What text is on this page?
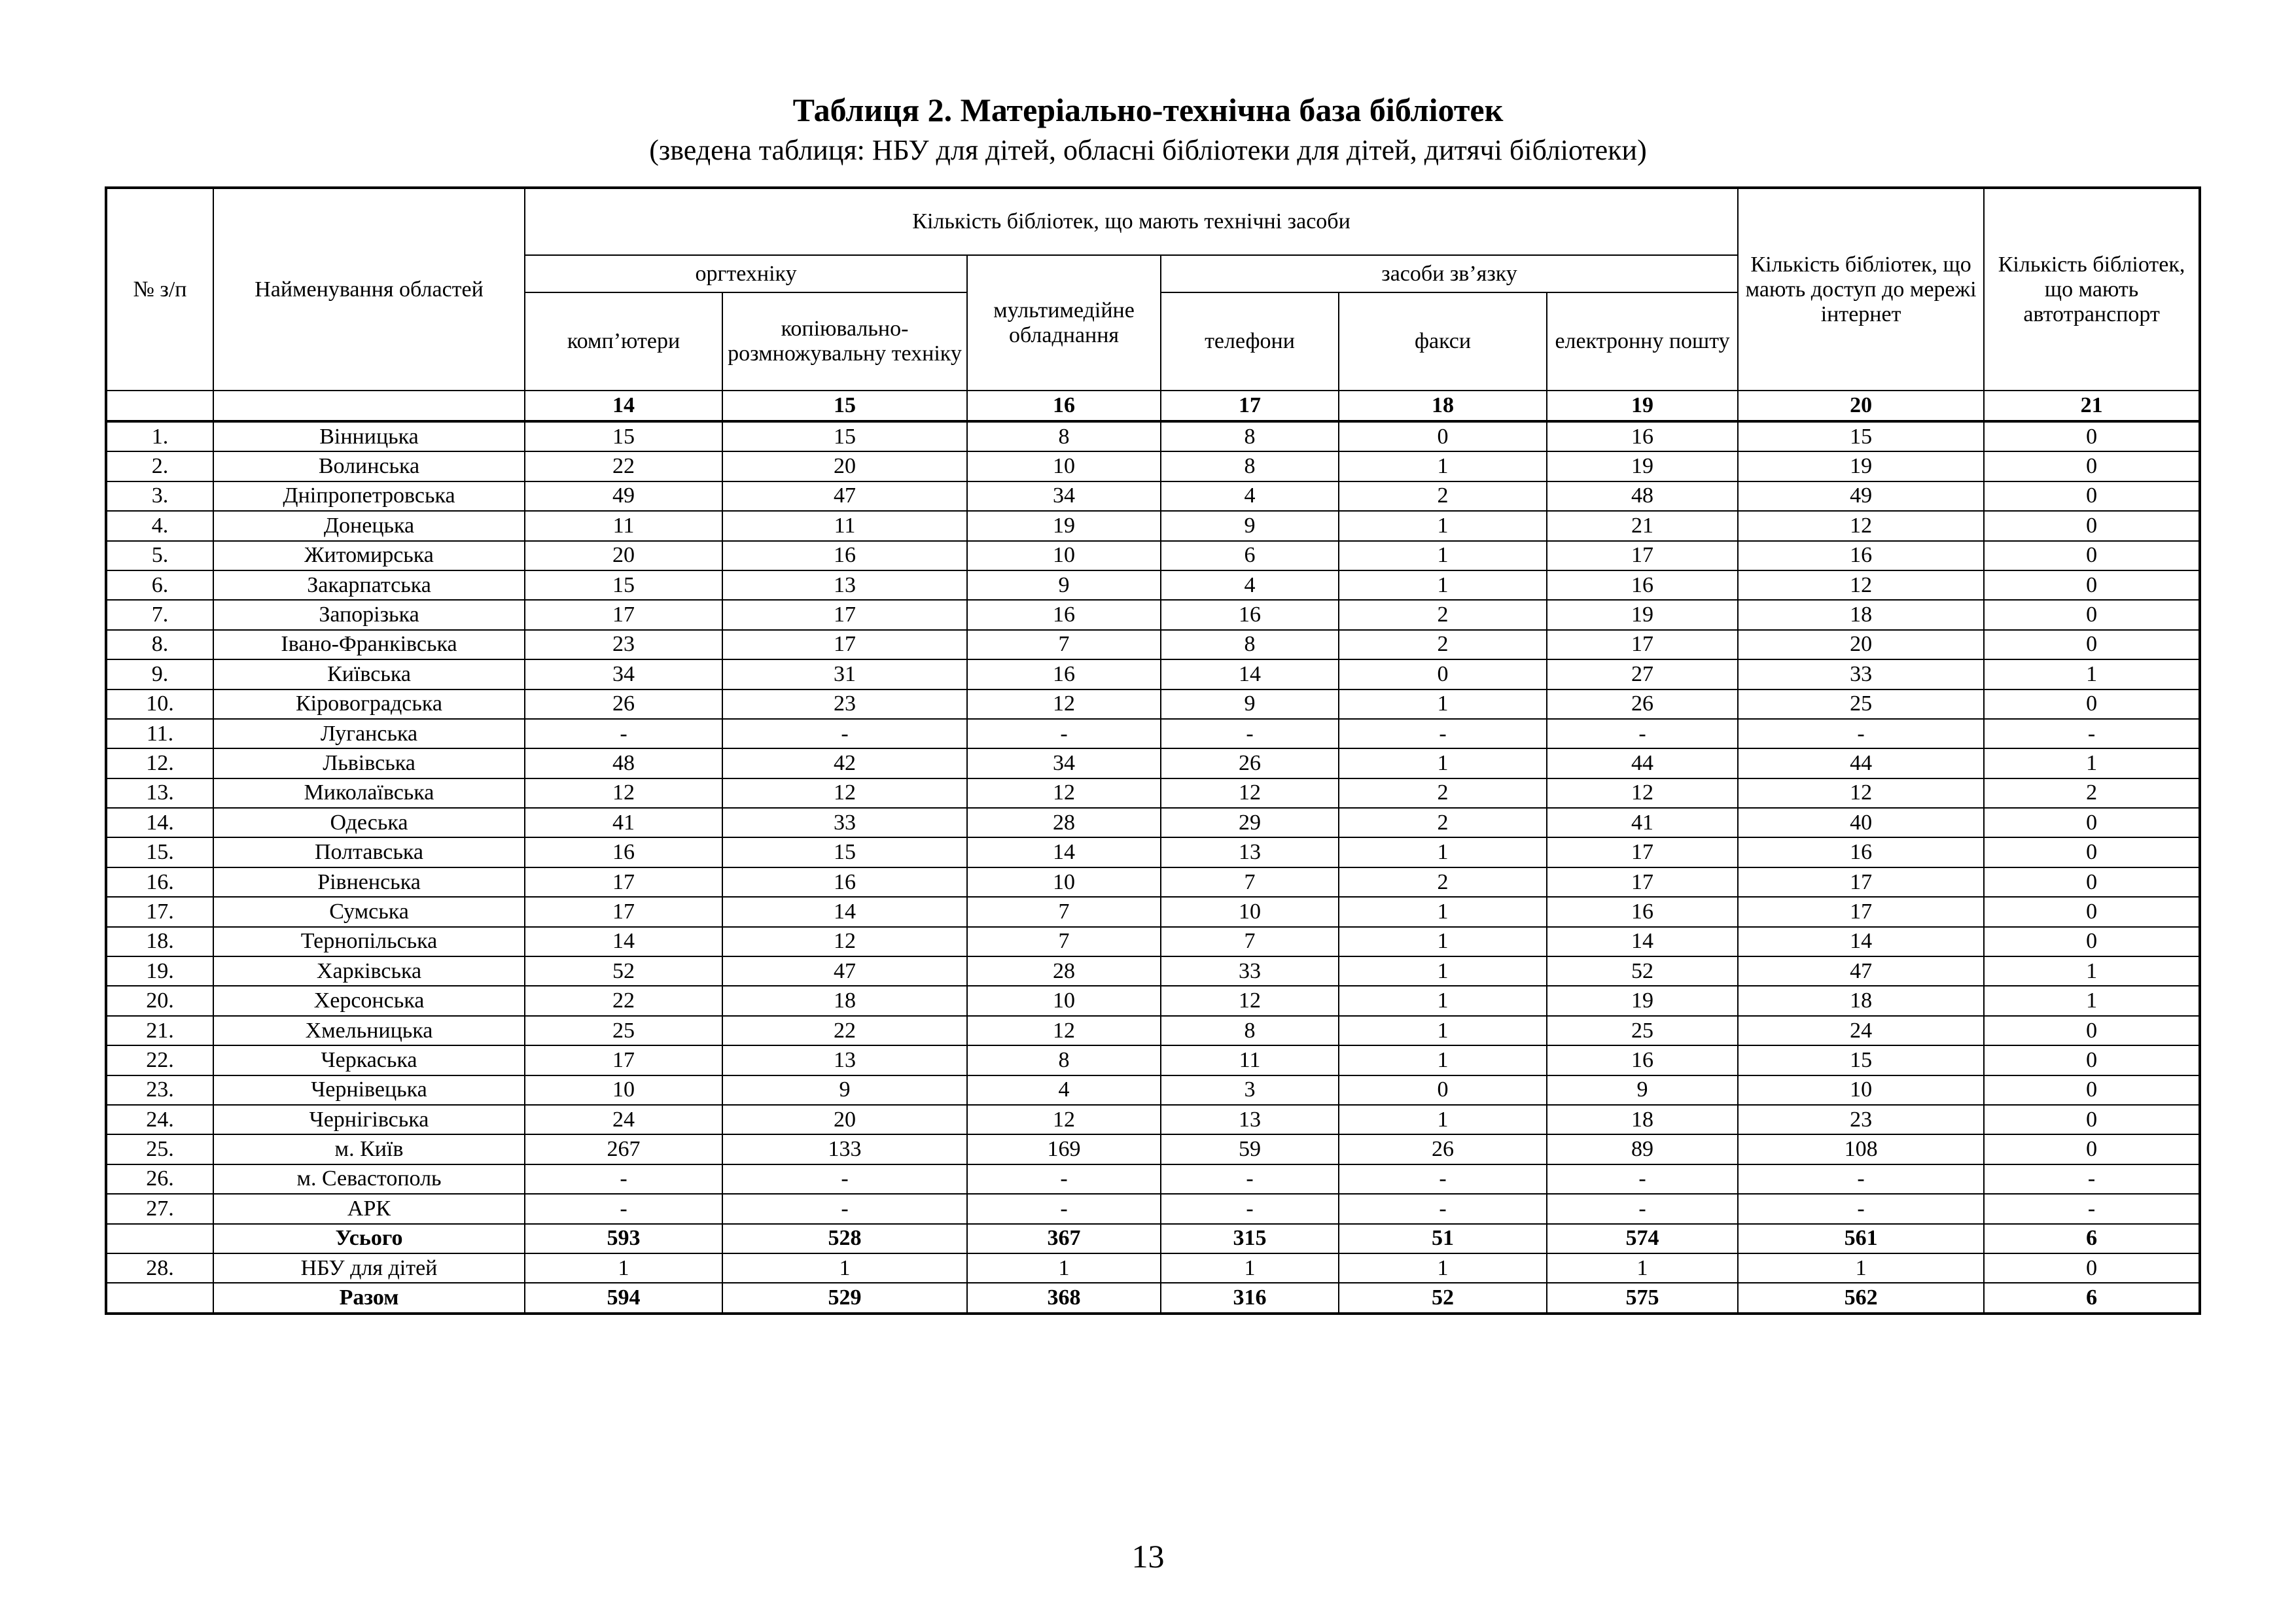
Таблиця 2. Матеріально-технічна база бібліотек
(зведена таблиця: НБУ для дітей, обласні бібліотеки для дітей, дитячі бібліотеки)
№ з/п	Найменування областей	Кількість бібліотек, що мають технічні засоби						Кількість бібліотек, що мають доступ до мережі інтернет	Кількість бібліотек, що мають автотранспорт
		оргтехніку		мультимедійне обладнання	засоби зв’язку				
		комп’ютери	копіювально-розмножувальну техніку		телефони	факси	електронну пошту		
		14	15	16	17	18	19	20	21
1.	Вінницька	15	15	8	8	0	16	15	0
2.	Волинська	22	20	10	8	1	19	19	0
3.	Дніпропетровська	49	47	34	4	2	48	49	0
4.	Донецька	11	11	19	9	1	21	12	0
5.	Житомирська	20	16	10	6	1	17	16	0
6.	Закарпатська	15	13	9	4	1	16	12	0
7.	Запорізька	17	17	16	16	2	19	18	0
8.	Івано-Франківська	23	17	7	8	2	17	20	0
9.	Київська	34	31	16	14	0	27	33	1
10.	Кіровоградська	26	23	12	9	1	26	25	0
11.	Луганська	-	-	-	-	-	-	-	-
12.	Львівська	48	42	34	26	1	44	44	1
13.	Миколаївська	12	12	12	12	2	12	12	2
14.	Одеська	41	33	28	29	2	41	40	0
15.	Полтавська	16	15	14	13	1	17	16	0
16.	Рівненська	17	16	10	7	2	17	17	0
17.	Сумська	17	14	7	10	1	16	17	0
18.	Тернопільська	14	12	7	7	1	14	14	0
19.	Харківська	52	47	28	33	1	52	47	1
20.	Херсонська	22	18	10	12	1	19	18	1
21.	Хмельницька	25	22	12	8	1	25	24	0
22.	Черкаська	17	13	8	11	1	16	15	0
23.	Чернівецька	10	9	4	3	0	9	10	0
24.	Чернігівська	24	20	12	13	1	18	23	0
25.	м. Київ	267	133	169	59	26	89	108	0
26.	м. Севастополь	-	-	-	-	-	-	-	-
27.	АРК	-	-	-	-	-	-	-	-
	Усього	593	528	367	315	51	574	561	6
28.	НБУ для дітей	1	1	1	1	1	1	1	0
	Разом	594	529	368	316	52	575	562	6
13
